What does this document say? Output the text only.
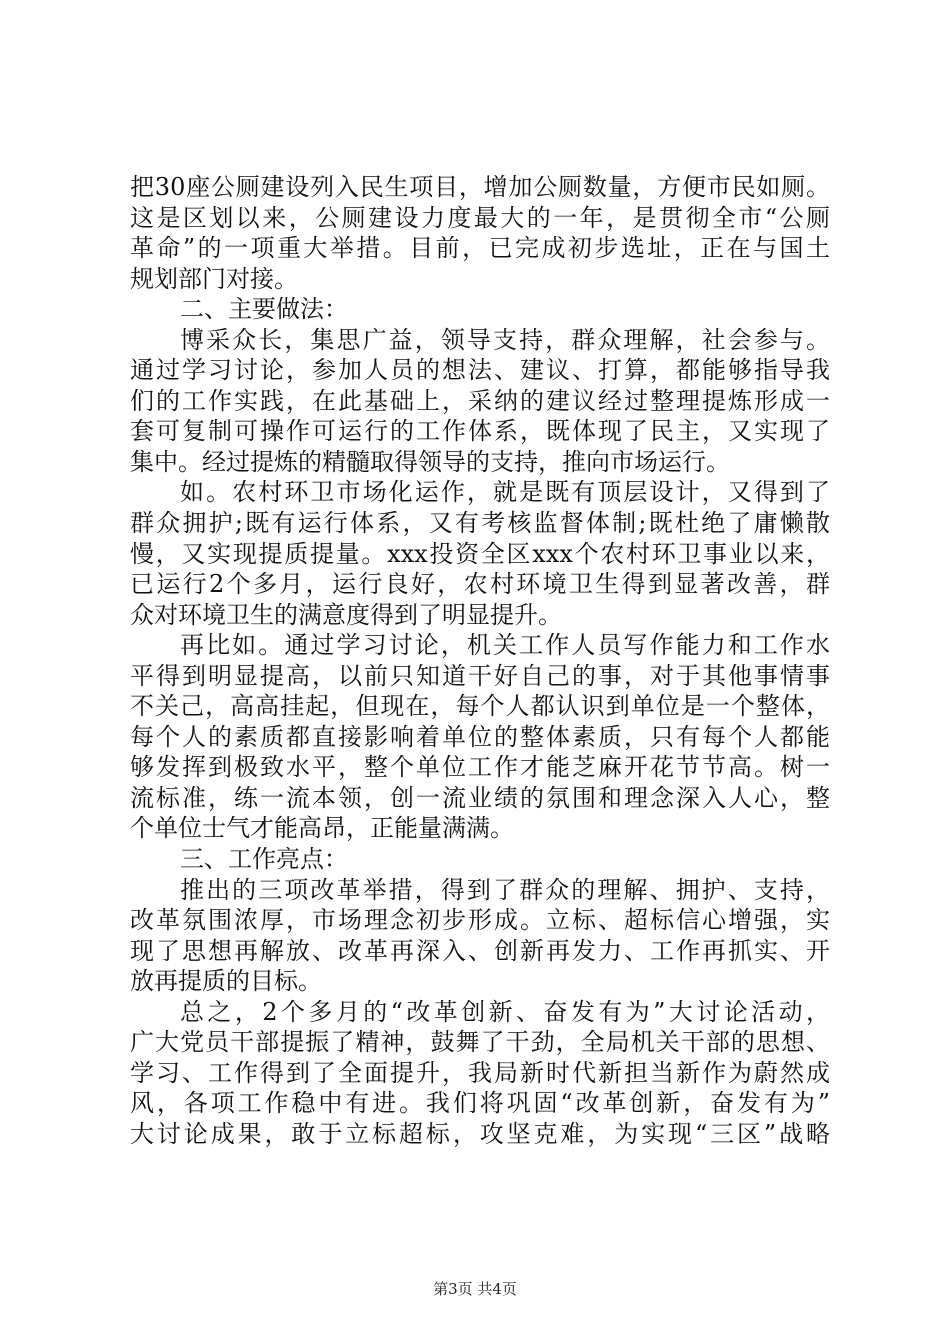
把30座公厕建设列入民生项目，增加公厕数量，方便市民如厕。
这是区划以来，公厕建设力度最大的一年，是贯彻全市“公厕
革命”的一项重大举措。目前，已完成初步选址，正在与国土
规划部门对接。
二、主要做法：
博采众长，集思广益，领导支持，群众理解，社会参与。
通过学习讨论，参加人员的想法、建议、打算，都能够指导我
们的工作实践，在此基础上，采纳的建议经过整理提炼形成一
套可复制可操作可运行的工作体系，既体现了民主，又实现了
集中。经过提炼的精髓取得领导的支持，推向市场运行。
如。农村环卫市场化运作，就是既有顶层设计，又得到了
群众拥护;既有运行体系，又有考核监督体制;既杜绝了庸懒散
慢，又实现提质提量。xxx投资全区xxx个农村环卫事业以来，
已运行2个多月，运行良好，农村环境卫生得到显著改善，群
众对环境卫生的满意度得到了明显提升。
再比如。通过学习讨论，机关工作人员写作能力和工作水
平得到明显提高，以前只知道干好自己的事，对于其他事情事
不关己，高高挂起，但现在，每个人都认识到单位是一个整体，
每个人的素质都直接影响着单位的整体素质，只有每个人都能
够发挥到极致水平，整个单位工作才能芝麻开花节节高。树一
流标准，练一流本领，创一流业绩的氛围和理念深入人心，整
个单位士气才能高昂，正能量满满。
三、工作亮点：
推出的三项改革举措，得到了群众的理解、拥护、支持，
改革氛围浓厚，市场理念初步形成。立标、超标信心增强，实
现了思想再解放、改革再深入、创新再发力、工作再抓实、开
放再提质的目标。
总之，2个多月的“改革创新、奋发有为”大讨论活动，
广大党员干部提振了精神，鼓舞了干劲，全局机关干部的思想、
学习、工作得到了全面提升，我局新时代新担当新作为蔚然成
风，各项工作稳中有进。我们将巩固“改革创新，奋发有为”
大讨论成果，敢于立标超标，攻坚克难，为实现“三区”战略
第3页 共4页
